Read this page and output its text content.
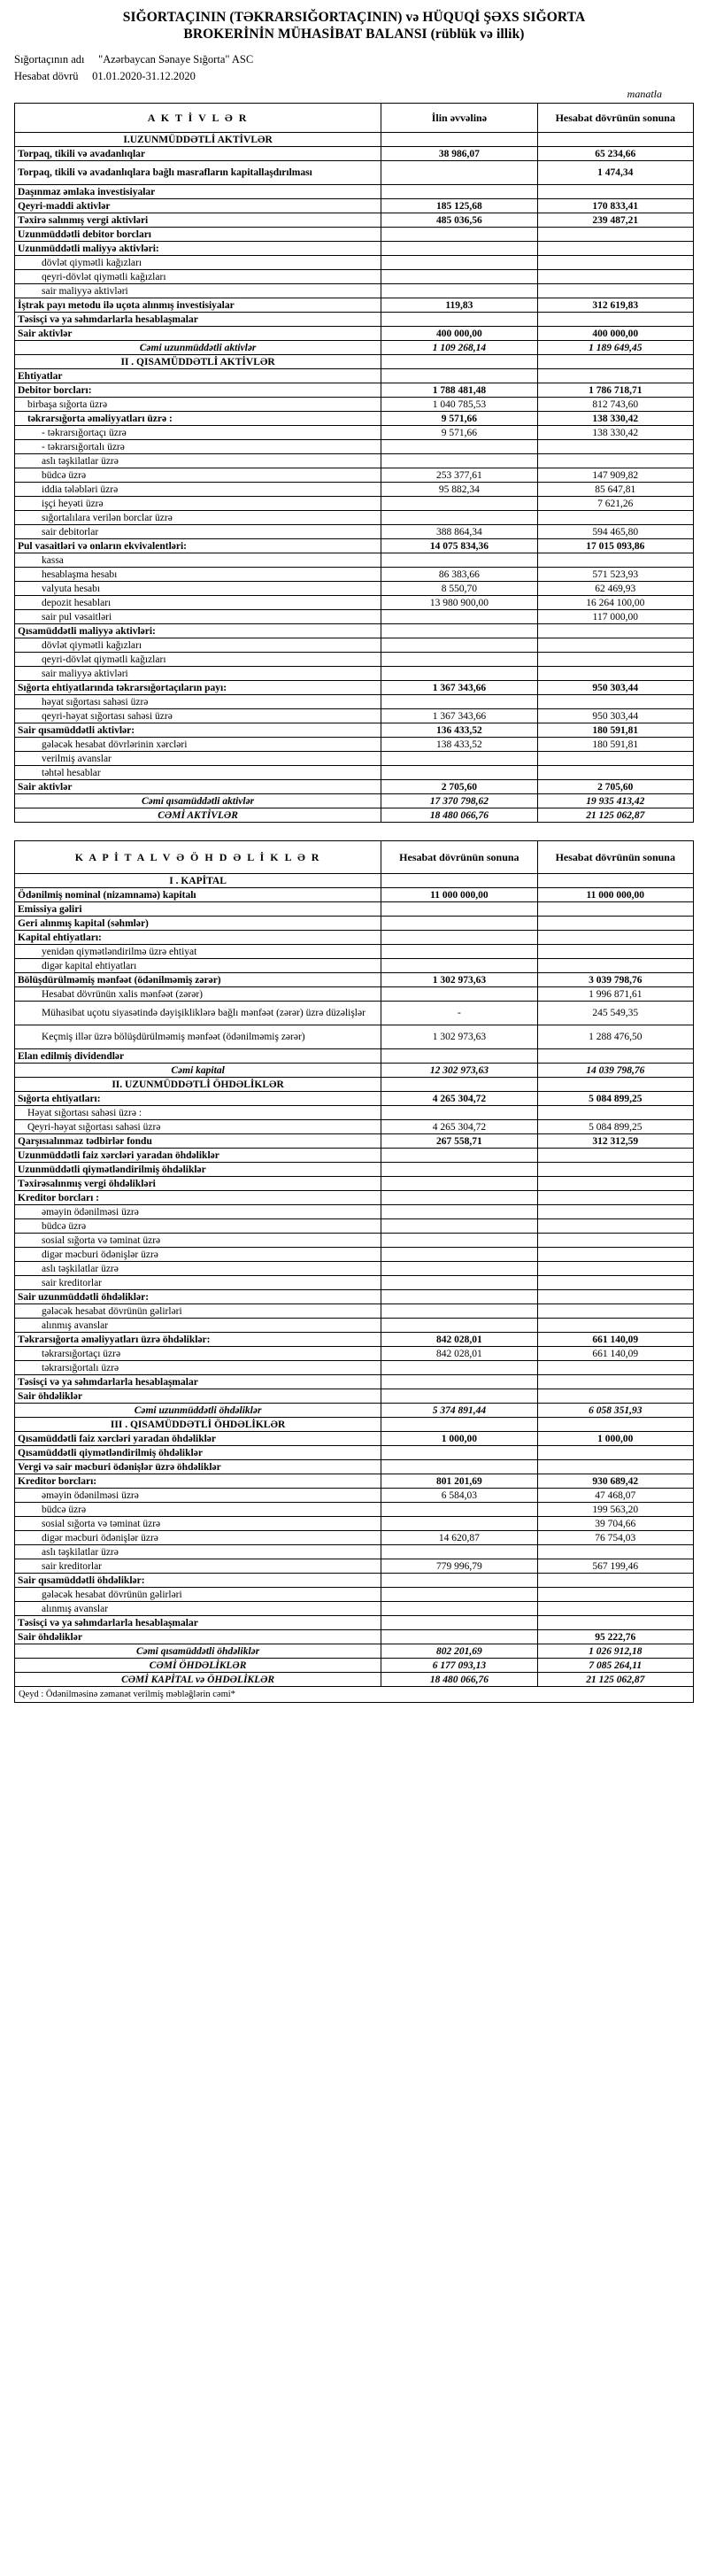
SIĞORTAÇININ (TƏKRARSIĞORTAÇININ) və HÜQUQİ ŞƏXS SIĞORTA
BROKERİNİN MÜHASİBAT BALANSI (rüblük və illik)
Sığortaçının adı "Azərbaycan Sənaye Sığorta" ASC
Hesabat dövrü 01.01.2020-31.12.2020
manatla
A K T İ V L Ə R	İlin əvvəlinə	Hesabat dövrünün sonuna
I.UZUNMÜDDƏTLİ AKTİVLƏR		
Torpaq, tikili və avadanlıqlar	38 986,07	65 234,66
Torpaq, tikili və avadanlıqlara bağlı masrafların kapitallaşdırılması		1 474,34
Daşınmaz əmlaka investisiyalar		
Qeyri-maddi aktivlər	185 125,68	170 833,41
Təxirə salınmış vergi aktivləri	485 036,56	239 487,21
Uzunmüddətli debitor borcları		
Uzunmüddətli maliyyə aktivləri:		
dövlət qiymətli kağızları		
qeyri-dövlət qiymətli kağızları		
sair maliyyə aktivləri		
İştrak payı metodu ilə uçota alınmış investisiyalar	119,83	312 619,83
Təsisçi və ya səhmdarlarla hesablaşmalar		
Sair aktivlər	400 000,00	400 000,00
Cəmi uzunmüddətli aktivlər	1 109 268,14	1 189 649,45
II . QISAMÜDDƏTLİ AKTİVLƏR		
Ehtiyatlar		
Debitor borcları:	1 788 481,48	1 786 718,71
birbaşa sığorta üzrə	1 040 785,53	812 743,60
təkrarsığorta əməliyyatları üzrə :	9 571,66	138 330,42
- təkrarsığortaçı üzrə	9 571,66	138 330,42
- təkrarsığortalı üzrə		
aslı təşkilatlar üzrə		
büdcə üzrə	253 377,61	147 909,82
iddia tələbləri üzrə	95 882,34	85 647,81
işçi heyəti üzrə		7 621,26
sığortalılara verilən borclar üzrə		
sair debitorlar	388 864,34	594 465,80
Pul vasaitləri və onların ekvivalentləri:	14 075 834,36	17 015 093,86
kassa		
hesablaşma hesabı	86 383,66	571 523,93
valyuta hesabı	8 550,70	62 469,93
depozit hesabları	13 980 900,00	16 264 100,00
sair pul vəsaitləri		117 000,00
Qısamüddətli maliyyə aktivləri:		
dövlət qiymətli kağızları		
qeyri-dövlət qiymətli kağızları		
sair maliyyə aktivləri		
Sığorta ehtiyatlarında təkrarsığortaçıların payı:	1 367 343,66	950 303,44
həyat sığortası sahəsi üzrə		
qeyri-həyat sığortası sahəsi üzrə	1 367 343,66	950 303,44
Sair qısamüddətli aktivlər:	136 433,52	180 591,81
gələcək hesabat dövrlərinin xərcləri	138 433,52	180 591,81
verilmiş avanslar		
təhtəl hesablar		
Sair aktivlər	2 705,60	2 705,60
Cəmi qısamüddətli aktivlər	17 370 798,62	19 935 413,42
CƏMİ AKTİVLƏR	18 480 066,76	21 125 062,87
K A P İ T A L V Ə Ö H D Ə L İ K L Ə R	Hesabat dövrünün sonuna	Hesabat dövrünün sonuna
I . KAPİTAL		
Ödənilmiş nominal (nizamnamə) kapitalı	11 000 000,00	11 000 000,00
Emissiya gəliri		
Geri alınmış kapital (səhmlər)		
Kapital ehtiyatları:		
yenidən qiymətləndirilmə üzrə ehtiyat		
digər kapital ehtiyatları		
Bölüşdürülməmiş mənfəət (ödənilməmiş zərər)	1 302 973,63	3 039 798,76
Hesabat dövrünün xalis mənfəət (zərər)		1 996 871,61
Mühasibat uçotu siyasətində dəyişikliklərə bağlı mənfəət (zərər) üzrə düzəlişlər	-	245 549,35
Keçmiş illər üzrə bölüşdürülməmiş mənfəət (ödənilməmiş zərər)	1 302 973,63	1 288 476,50
Elan edilmiş dividendlər		
Cəmi kapital	12 302 973,63	14 039 798,76
II. UZUNMÜDDƏTLİ ÖHDƏLİKLƏR		
Sığorta ehtiyatları:	4 265 304,72	5 084 899,25
Həyat sığortası sahəsi üzrə :		
Qeyri-həyat sığortası sahəsi üzrə	4 265 304,72	5 084 899,25
Qarşısıalınmaz tədbirlər fondu	267 558,71	312 312,59
Uzunmüddətli faiz xərcləri yaradan öhdəliklər		
Uzunmüddətli qiymətləndirilmiş öhdəliklər		
Təxirəsalınmış vergi öhdəlikləri		
Kreditor borcları :		
əməyin ödənilməsi üzrə		
büdcə üzrə		
sosial sığorta və təminat üzrə		
digər məcburi ödənişlər üzrə		
aslı təşkilatlar üzrə		
sair kreditorlar		
Sair uzunmüddətli öhdəliklər:		
gələcək hesabat dövrünün gəlirləri		
alınmış avanslar		
Təkrarsığorta əməliyyatları üzrə öhdəliklər:	842 028,01	661 140,09
təkrarsığortaçı üzrə	842 028,01	661 140,09
təkrarsığortalı üzrə		
Təsisçi və ya səhmdarlarla hesablaşmalar		
Sair öhdəliklər		
Cəmi uzunmüddətli öhdəliklər	5 374 891,44	6 058 351,93
III . QISAMÜDDƏTLİ ÖHDƏLİKLƏR		
Qısamüddətli faiz xərcləri yaradan öhdəliklər	1 000,00	1 000,00
Qısamüddətli qiymətləndirilmiş öhdəliklər		
Vergi və sair məcburi ödənişlər üzrə öhdəliklər		
Kreditor borcları:	801 201,69	930 689,42
əməyin ödənilməsi üzrə	6 584,03	47 468,07
büdcə üzrə		199 563,20
sosial sığorta və təminat üzrə		39 704,66
digər məcburi ödənişlər üzrə	14 620,87	76 754,03
aslı təşkilatlar üzrə		
sair kreditorlar	779 996,79	567 199,46
Sair qısamüddətli öhdəliklər:		
gələcək hesabat dövrünün gəlirləri		
alınmış avanslar		
Təsisçi və ya səhmdarlarla hesablaşmalar		
Sair öhdəliklər		95 222,76
Cəmi qısamüddətli öhdəliklər	802 201,69	1 026 912,18
CƏMİ ÖHDƏLİKLƏR	6 177 093,13	7 085 264,11
CƏMİ KAPİTAL və ÖHDƏLİKLƏR	18 480 066,76	21 125 062,87
Qeyd : Ödənilməsinə zəmanət verilmiş məbləğlərin cəmi*
